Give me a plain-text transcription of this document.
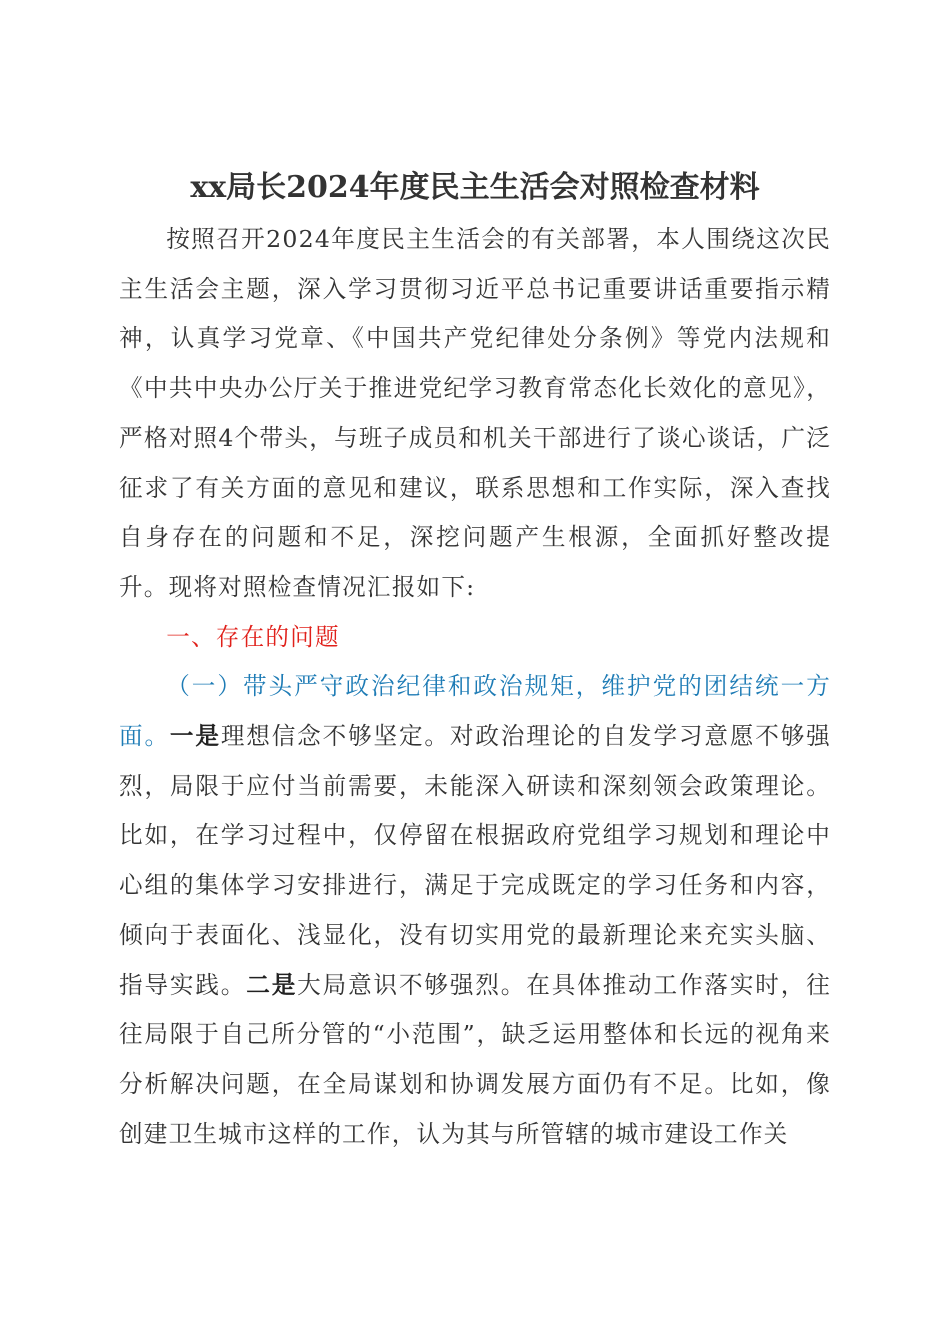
xx局长2024年度民主生活会对照检查材料

按照召开2024年度民主生活会的有关部署，本人围绕这次民主生活会主题，深入学习贯彻习近平总书记重要讲话重要指示精神，认真学习党章、《中国共产党纪律处分条例》等党内法规和《中共中央办公厅关于推进党纪学习教育常态化长效化的意见》，严格对照4个带头，与班子成员和机关干部进行了谈心谈话，广泛征求了有关方面的意见和建议，联系思想和工作实际，深入查找自身存在的问题和不足，深挖问题产生根源，全面抓好整改提升。现将对照检查情况汇报如下:

一、存在的问题

（一）带头严守政治纪律和政治规矩，维护党的团结统一方面。一是理想信念不够坚定。对政治理论的自发学习意愿不够强烈，局限于应付当前需要，未能深入研读和深刻领会政策理论。比如，在学习过程中，仅停留在根据政府党组学习规划和理论中心组的集体学习安排进行，满足于完成既定的学习任务和内容，倾向于表面化、浅显化，没有切实用党的最新理论来充实头脑、指导实践。二是大局意识不够强烈。在具体推动工作落实时，往往局限于自己所分管的“小范围”，缺乏运用整体和长远的视角来分析解决问题，在全局谋划和协调发展方面仍有不足。比如，像创建卫生城市这样的工作，认为其与所管辖的城市建设工作关
